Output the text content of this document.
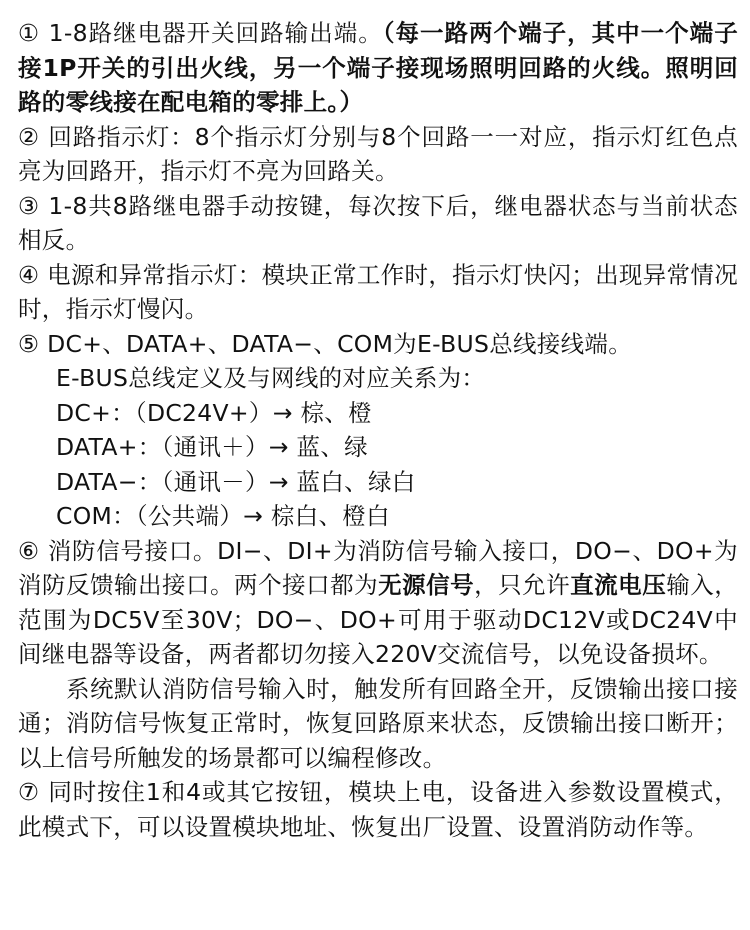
① 1-8路继电器开关回路输出端。（每一路两个端子，其中一个端子接1P开关的引出火线，另一个端子接现场照明回路的火线。照明回路的零线接在配电箱的零排上。）

② 回路指示灯：8个指示灯分别与8个回路一一对应，指示灯红色点亮为回路开，指示灯不亮为回路关。

③ 1-8共8路继电器手动按键，每次按下后，继电器状态与当前状态相反。

④ 电源和异常指示灯：模块正常工作时，指示灯快闪；出现异常情况时，指示灯慢闪。

⑤ DC+、DATA+、DATA−、COM为E-BUS总线接线端。

E-BUS总线定义及与网线的对应关系为：

DC+：（DC24V+）→ 棕、橙

DATA+：（通讯＋）→ 蓝、绿

DATA−：（通讯－）→ 蓝白、绿白

COM：（公共端）→ 棕白、橙白

⑥ 消防信号接口。DI−、DI+为消防信号输入接口，DO−、DO+为消防反馈输出接口。两个接口都为无源信号，只允许直流电压输入，范围为DC5V至30V；DO−、DO+可用于驱动DC12V或DC24V中间继电器等设备，两者都切勿接入220V交流信号，以免设备损坏。

系统默认消防信号输入时，触发所有回路全开，反馈输出接口接通；消防信号恢复正常时，恢复回路原来状态，反馈输出接口断开；以上信号所触发的场景都可以编程修改。

⑦ 同时按住1和4或其它按钮，模块上电，设备进入参数设置模式，此模式下，可以设置模块地址、恢复出厂设置、设置消防动作等。
